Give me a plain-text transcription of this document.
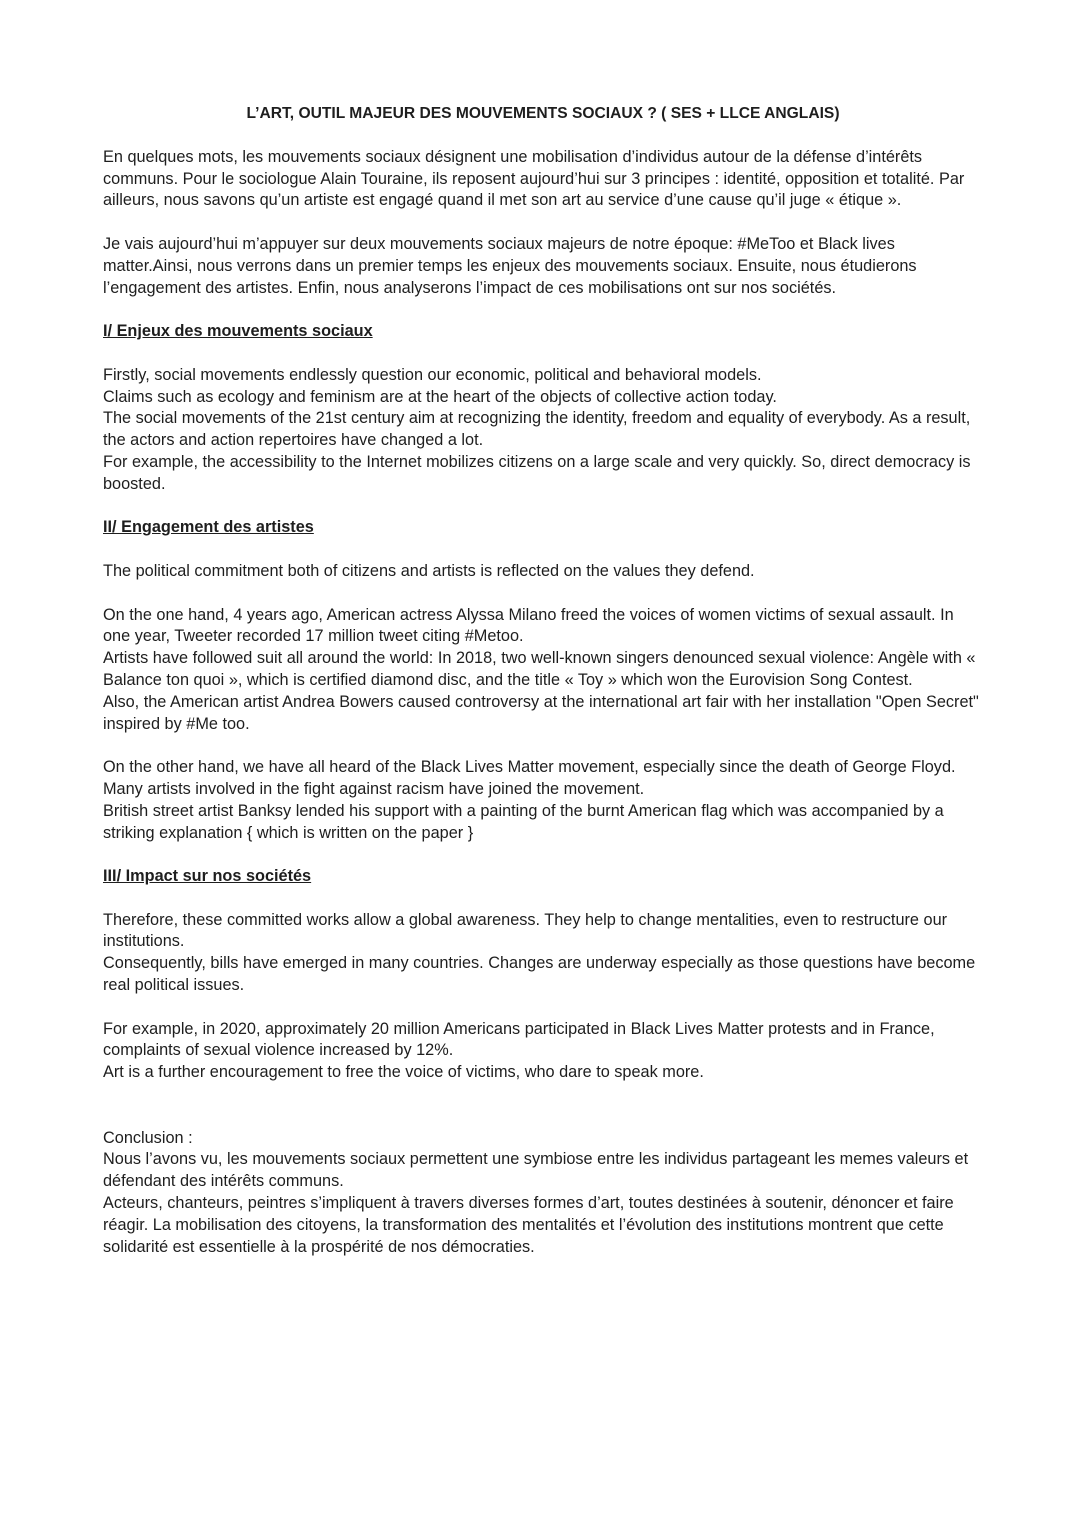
L’ART, OUTIL MAJEUR DES MOUVEMENTS SOCIAUX ? ( SES + LLCE ANGLAIS)

En quelques mots, les mouvements sociaux désignent une mobilisation d’individus autour de la défense d’intérêts communs. Pour le sociologue Alain Touraine, ils reposent aujourd’hui sur 3 principes : identité, opposition et totalité. Par ailleurs, nous savons qu’un artiste est engagé quand il met son art au service d’une cause qu’il juge « étique ».

Je vais aujourd’hui m’appuyer sur deux mouvements sociaux majeurs de notre époque: #MeToo et Black lives matter.Ainsi, nous verrons dans un premier temps les enjeux des mouvements sociaux. Ensuite, nous étudierons l’engagement des artistes. Enfin, nous analyserons l’impact de ces mobilisations ont sur nos sociétés.

I/ Enjeux des mouvements sociaux

Firstly, social movements endlessly question our economic, political and behavioral models.

Claims such as ecology and feminism are at the heart of the objects of collective action today.

The social movements of the 21st century aim at recognizing the identity, freedom and equality of everybody. As a result, the actors and action repertoires have changed a lot.

For example, the accessibility to the Internet mobilizes citizens on a large scale and very quickly. So, direct democracy is boosted.

II/ Engagement des artistes

The political commitment both of citizens and artists is reflected on the values they defend.

On the one hand, 4 years ago, American actress Alyssa Milano freed the voices of women victims of sexual assault. In one year, Tweeter recorded 17 million tweet citing #Metoo.

Artists have followed suit all around the world: In 2018, two well-known singers denounced sexual violence: Angèle with « Balance ton quoi », which is certified diamond disc, and the title « Toy » which won the Eurovision Song Contest.

Also, the American artist Andrea Bowers caused controversy at the international art fair with her installation "Open Secret" inspired by #Me too.

On the other hand, we have all heard of the Black Lives Matter movement, especially since the death of George Floyd. Many artists involved in the fight against racism have joined the movement.

British street artist Banksy lended his support with a painting of the burnt American flag which was accompanied by a striking explanation { which is written on the paper }

III/ Impact sur nos sociétés

Therefore, these committed works allow a global awareness. They help to change mentalities, even to restructure our institutions.

Consequently, bills have emerged in many countries. Changes are underway especially as those questions have become real political issues.

For example, in 2020, approximately 20 million Americans participated in Black Lives Matter protests and in France, complaints of sexual violence increased by 12%.

Art is a further encouragement to free the voice of victims, who dare to speak more.

Conclusion :

Nous l’avons vu, les mouvements sociaux permettent une symbiose entre les individus partageant les memes valeurs et défendant des intérêts communs.

Acteurs, chanteurs, peintres s’impliquent à travers diverses formes d’art, toutes destinées à soutenir, dénoncer et faire réagir. La mobilisation des citoyens, la transformation des mentalités et l’évolution des institutions montrent que cette solidarité est essentielle à la prospérité de nos démocraties.
